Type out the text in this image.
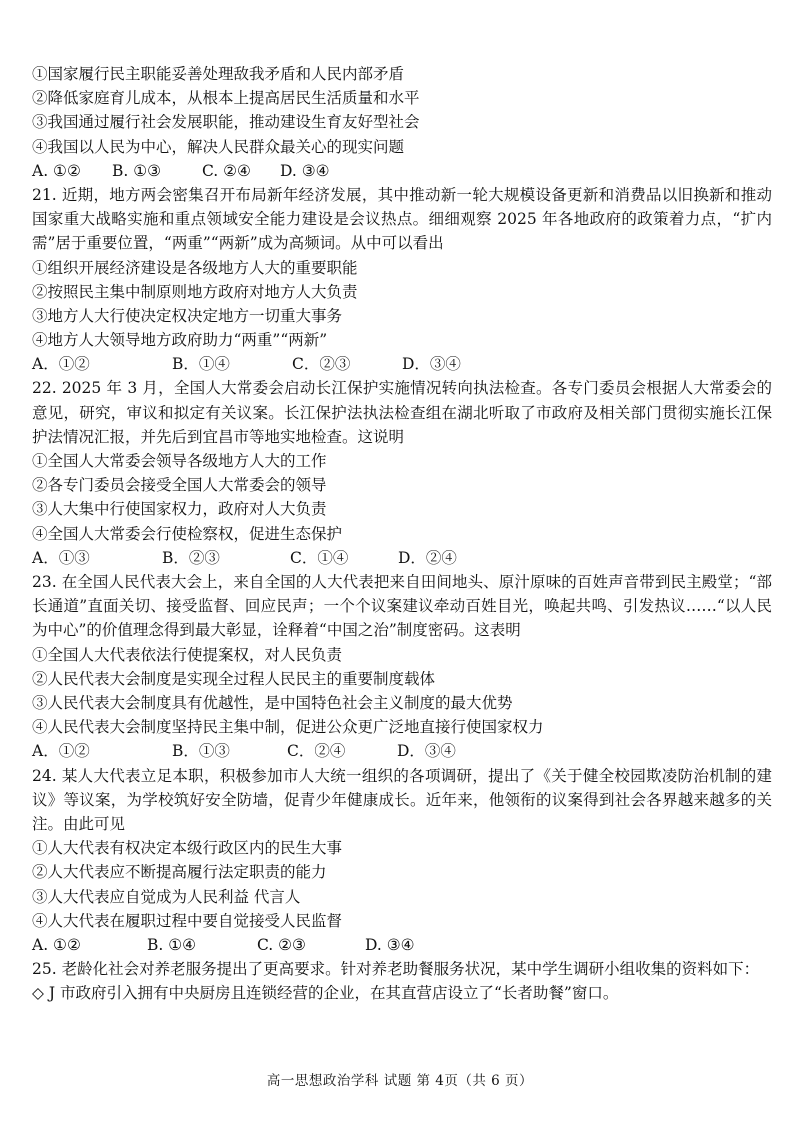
①国家履行民主职能妥善处理敌我矛盾和人民内部矛盾
②降低家庭育儿成本，从根本上提高居民生活质量和水平
③我国通过履行社会发展职能，推动建设生育友好型社会
④我国以人民为中心，解决人民群众最关心的现实问题
A. ①② B. ①③	C. ②④ D. ③④
21. 近期，地方两会密集召开布局新年经济发展，其中推动新一轮大规模设备更新和消费品以旧换新和推动国家重大战略实施和重点领域安全能力建设是会议热点。细细观察 2025 年各地政府的政策着力点，“扩内需”居于重要位置，“两重”“两新”成为高频词。从中可以看出
①组织开展经济建设是各级地方人大的重要职能
②按照民主集中制原则地方政府对地方人大负责
③地方人大行使决定权决定地方一切重大事务
④地方人大领导地方政府助力“两重”“两新”
A．①②	B．①④	C．②③	D．③④
22. 2025 年 3 月，全国人大常委会启动长江保护实施情况转向执法检查。各专门委员会根据人大常委会的意见，研究，审议和拟定有关议案。长江保护法执法检查组在湖北听取了市政府及相关部门贯彻实施长江保护法情况汇报，并先后到宜昌市等地实地检查。这说明
①全国人大常委会领导各级地方人大的工作
②各专门委员会接受全国人大常委会的领导
③人大集中行使国家权力，政府对人大负责
④全国人大常委会行使检察权，促进生态保护
A．①③	B．②③	C．①④	D．②④
23. 在全国人民代表大会上，来自全国的人大代表把来自田间地头、原汁原味的百姓声音带到民主殿堂；“部长通道”直面关切、接受监督、回应民声；一个个议案建议牵动百姓目光，唤起共鸣、引发热议……“以人民为中心”的价值理念得到最大彰显，诠释着“中国之治”制度密码。这表明
①全国人大代表依法行使提案权，对人民负责
②人民代表大会制度是实现全过程人民民主的重要制度载体
③人民代表大会制度具有优越性，是中国特色社会主义制度的最大优势
④人民代表大会制度坚持民主集中制，促进公众更广泛地直接行使国家权力
A．①②	B．①③	C．②④	D．③④
24. 某人大代表立足本职，积极参加市人大统一组织的各项调研，提出了《关于健全校园欺凌防治机制的建议》等议案，为学校筑好安全防墙，促青少年健康成长。近年来，他领衔的议案得到社会各界越来越多的关注。由此可见
①人大代表有权决定本级行政区内的民生大事
②人大代表应不断提高履行法定职责的能力
③人大代表应自觉成为人民利益 代言人
④人大代表在履职过程中要自觉接受人民监督
A. ①②	B. ①④	C. ②③	D. ③④
25. 老龄化社会对养老服务提出了更高要求。针对养老助餐服务状况，某中学生调研小组收集的资料如下：
◇ J 市政府引入拥有中央厨房且连锁经营的企业，在其直营店设立了“长者助餐”窗口。
高一思想政治学科 试题 第 4页（共 6 页）
